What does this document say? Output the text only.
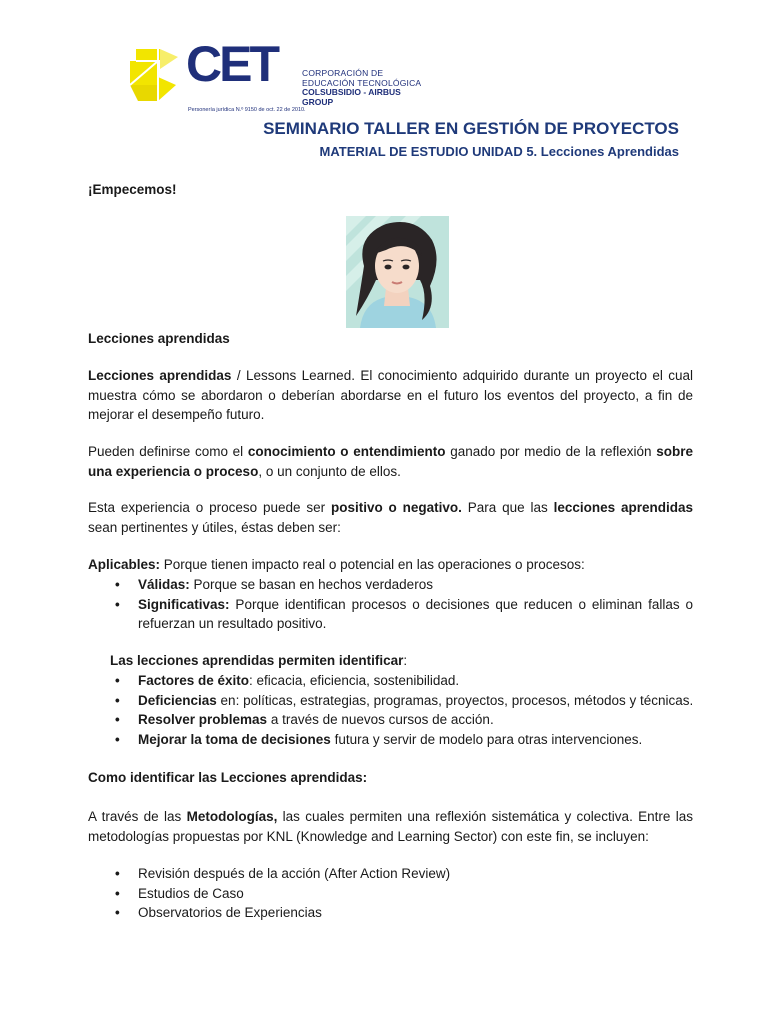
CET	CORPORACIÓN DE
EDUCACIÓN TECNOLÓGICA
COLSUBSIDIO - AIRBUS GROUP
Personería jurídica N.º 9150 de oct. 22 de 2010.
SEMINARIO TALLER EN GESTIÓN DE PROYECTOS
MATERIAL DE ESTUDIO UNIDAD 5. Lecciones Aprendidas
¡Empecemos!
Lecciones aprendidas

Lecciones aprendidas / Lessons Learned. El conocimiento adquirido durante un proyecto el cual muestra cómo se abordaron o deberían abordarse en el futuro los eventos del proyecto, a fin de mejorar el desempeño futuro.

Pueden definirse como el conocimiento o entendimiento ganado por medio de la reflexión sobre una experiencia o proceso, o un conjunto de ellos.

Esta experiencia o proceso puede ser positivo o negativo. Para que las lecciones aprendidas sean pertinentes y útiles, éstas deben ser:

Aplicables: Porque tienen impacto real o potencial en las operaciones o procesos:
• Válidas: Porque se basan en hechos verdaderos
• Significativas: Porque identifican procesos o decisiones que reducen o eliminan fallas o refuerzan un resultado positivo.
Las lecciones aprendidas permiten identificar:
• Factores de éxito: eficacia, eficiencia, sostenibilidad.
• Deficiencias en: políticas, estrategias, programas, proyectos, procesos, métodos y técnicas.
• Resolver problemas a través de nuevos cursos de acción.
• Mejorar la toma de decisiones futura y servir de modelo para otras intervenciones.
Como identificar las Lecciones aprendidas:

A través de las Metodologías, las cuales permiten una reflexión sistemática y colectiva. Entre las metodologías propuestas por KNL (Knowledge and Learning Sector) con este fin, se incluyen:

• Revisión después de la acción (After Action Review)
• Estudios de Caso
• Observatorios de Experiencias
